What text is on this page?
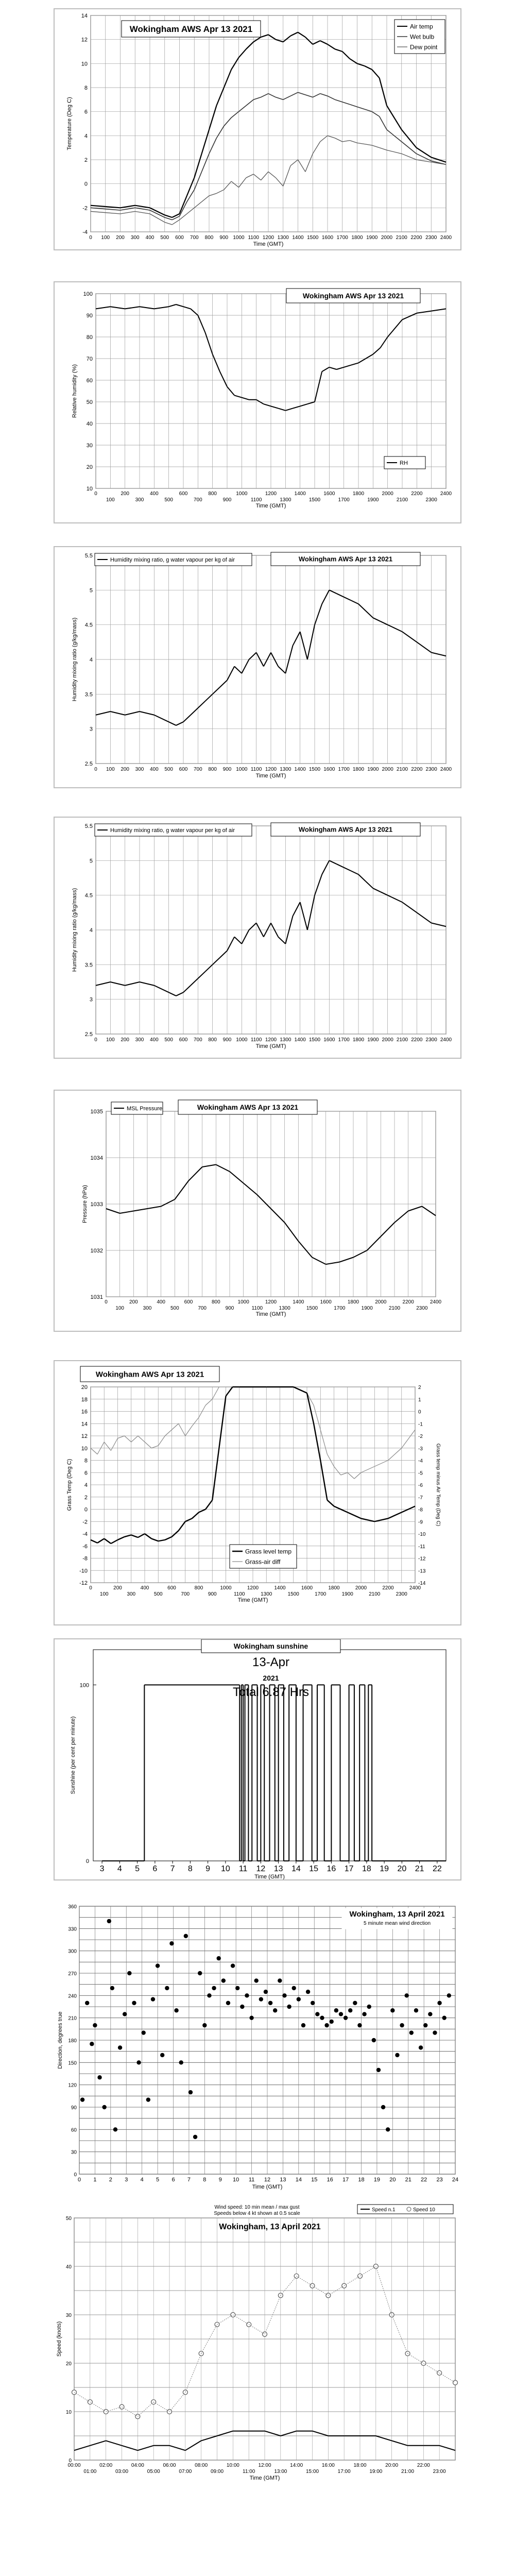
-4
-2
0
2
4
6
8
10
12
14
0 100 200 300 400 500 600 700 800 900 1000 1100 1200 1300 1400 1500 1600 1700 1800 1900 2000 2100 2200 2300 2400
Time (GMT)
Temperature (Deg C)
Wokingham AWS Apr 13 2021	Air temp
Wet bulb
Dew point
10
20
30
40
50
60
70
80
90
100
0	200	400	600	800	1000	1200	1400	1600	1800	2000	2200	2400
100	300	500	700	900	1100	1300	1500	1700	1900	2100	2300
Time (GMT)
Relative humidity (%)
Wokingham AWS Apr 13 2021
RH
2.5
3
3.5
4
4.5
5
5.5
0 100 200 300 400 500 600 700 800 900 1000 1100 1200 1300 1400 1500 1600 1700 1800 1900 2000 2100 2200 2300 2400
Time (GMT)
Humidity mixing ratio (g/kg/mass)
Humidity mixing ratio, g water vapour per kg of air	Wokingham AWS Apr 13 2021
2.5
3
3.5
4
4.5
5
5.5
0 100 200 300 400 500 600 700 800 900 1000 1100 1200 1300 1400 1500 1600 1700 1800 1900 2000 2100 2200 2300 2400
Time (GMT)
Humidity mixing ratio (g/kg/mass)
Humidity mixing ratio, g water vapour per kg of air	Wokingham AWS Apr 13 2021
1031
1032
1033
1034
1035
0	200	400	600	800	1000	1200	1400	1600	1800	2000	2200	2400
100	300	500	700	900	1100	1300	1500	1700	1900	2100	2300
Time (GMT)
Pressure (hPa)
MSL Pressure	Wokingham AWS Apr 13 2021
-12
-10
-8
-6
-4
-2
0
2
4
6
8
10
12
14
16
18
20
0	200	400	600	800	1000	1200	1400	1600	1800	2000	2200	2400
100	300	500	700	900	1100	1300	1500	1700	1900	2100	2300
Time (GMT)
Grass Temp (Deg C)
-14
-13
-12
-11
-10
-9
-8
-7
-6
-5
-4
-3
-2
-1
0
1
2
Grass temp minus Air Temp (Deg C)
Wokingham AWS Apr 13 2021
Grass level temp
Grass-air diff
3 4 5 6 7 8 9 10 11 12 13 14 15 16 17 18 19 20 21 22
0
100
Time (GMT)
Sunshine (per cent per minute)
Wokingham sunshine
13-Apr
2021
Total 6.87 Hrs
0
30
60
90
120
150
180
210
240
270
300
330
360
0 1 2 3 4 5 6 7 8 9 10 11 12 13 14 15 16 17 18 19 20 21 22 23 24
Time (GMT)
Direction, degrees true
Wokingham, 13 April 2021
5 minute mean wind direction
0
10
20
30
40
50
00:00	02:00	04:00	06:00	08:00	10:00	12:00	14:00	16:00	18:00	20:00	22:00
01:00	03:00	05:00	07:00	09:00	11:00	13:00	15:00	17:00	19:00	21:00	23:00
Time (GMT)
Speed (knots)
Wind speed: 10 min mean / max gust
Speeds below 4 kt shown at 0.5 scale
Wokingham, 13 April 2021
Speed n.1	Speed 10
